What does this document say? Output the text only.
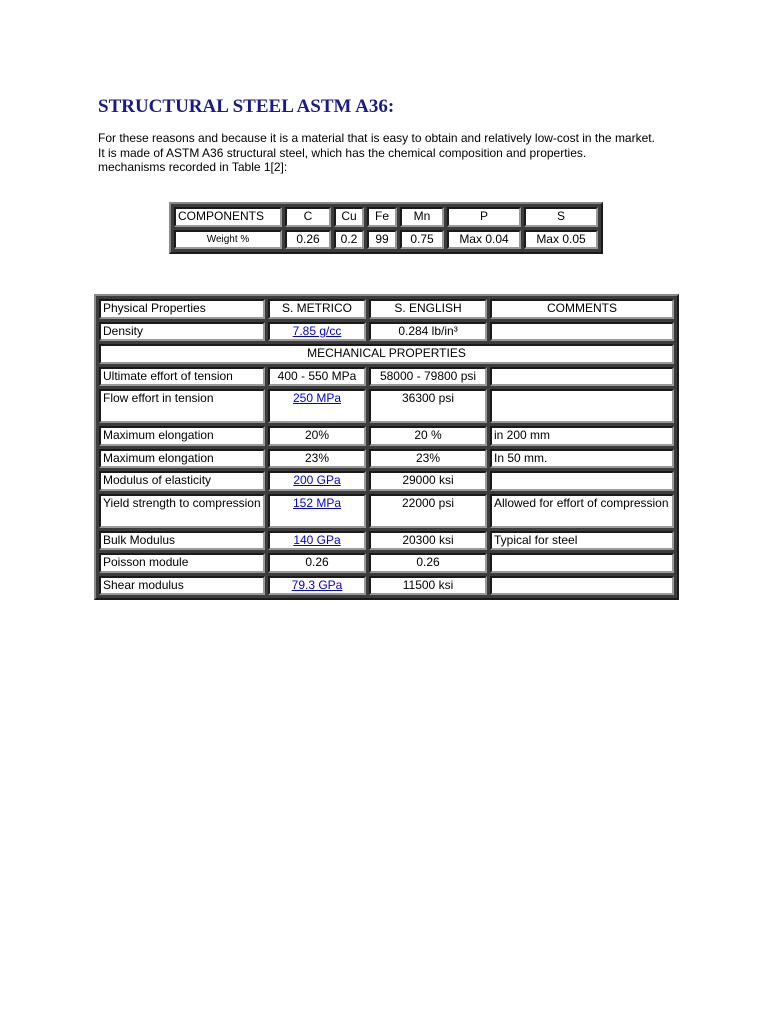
STRUCTURAL STEEL ASTM A36:

For these reasons and because it is a material that is easy to obtain and relatively low-cost in the market.
It is made of ASTM A36 structural steel, which has the chemical composition and properties.
mechanisms recorded in Table 1[2]:

COMPONENTS	C	Cu	Fe	Mn	P	S
Weight %	0.26	0.2	99	0.75	Max 0.04	Max 0.05
Physical Properties	S. METRICO	S. ENGLISH	COMMENTS
Density	7.85 g/cc	0.284 lb/in³	
MECHANICAL PROPERTIES			
Ultimate effort of tension	400 - 550 MPa	58000 - 79800 psi	
Flow effort in tension	250 MPa	36300 psi	
Maximum elongation	20%	20 %	in 200 mm
Maximum elongation	23%	23%	In 50 mm.
Modulus of elasticity	200 GPa	29000 ksi	
Yield strength to compression	152 MPa	22000 psi	Allowed for effort of compression
Bulk Modulus	140 GPa	20300 ksi	Typical for steel
Poisson module	0.26	0.26	
Shear modulus	79.3 GPa	11500 ksi	
